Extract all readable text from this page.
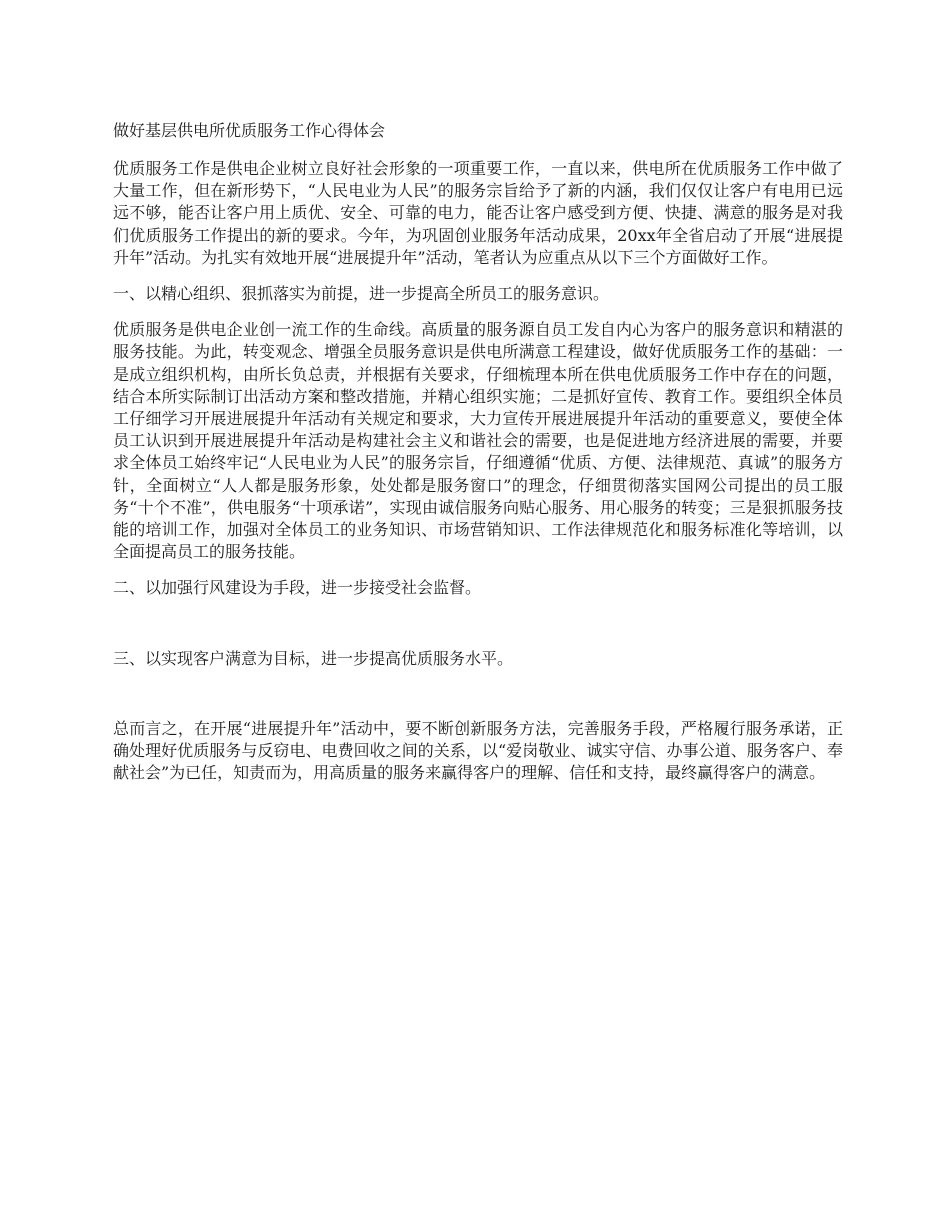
做好基层供电所优质服务工作心得体会

优质服务工作是供电企业树立良好社会形象的一项重要工作，一直以来，供电所在优质服务工作中做了大量工作，但在新形势下，“人民电业为人民”的服务宗旨给予了新的内涵，我们仅仅让客户有电用已远远不够，能否让客户用上质优、安全、可靠的电力，能否让客户感受到方便、快捷、满意的服务是对我们优质服务工作提出的新的要求。今年，为巩固创业服务年活动成果，20xx年全省启动了开展“进展提升年”活动。为扎实有效地开展“进展提升年”活动，笔者认为应重点从以下三个方面做好工作。

一、以精心组织、狠抓落实为前提，进一步提高全所员工的服务意识。

优质服务是供电企业创一流工作的生命线。高质量的服务源自员工发自内心为客户的服务意识和精湛的服务技能。为此，转变观念、增强全员服务意识是供电所满意工程建设，做好优质服务工作的基础：一是成立组织机构，由所长负总责，并根据有关要求，仔细梳理本所在供电优质服务工作中存在的问题，结合本所实际制订出活动方案和整改措施，并精心组织实施；二是抓好宣传、教育工作。要组织全体员工仔细学习开展进展提升年活动有关规定和要求，大力宣传开展进展提升年活动的重要意义，要使全体员工认识到开展进展提升年活动是构建社会主义和谐社会的需要，也是促进地方经济进展的需要，并要求全体员工始终牢记“人民电业为人民”的服务宗旨，仔细遵循“优质、方便、法律规范、真诚”的服务方针，全面树立“人人都是服务形象，处处都是服务窗口”的理念，仔细贯彻落实国网公司提出的员工服务“十个不准”，供电服务“十项承诺”，实现由诚信服务向贴心服务、用心服务的转变；三是狠抓服务技能的培训工作，加强对全体员工的业务知识、市场营销知识、工作法律规范化和服务标准化等培训，以全面提高员工的服务技能。

二、以加强行风建设为手段，进一步接受社会监督。

三、以实现客户满意为目标，进一步提高优质服务水平。

总而言之，在开展“进展提升年”活动中，要不断创新服务方法，完善服务手段，严格履行服务承诺，正确处理好优质服务与反窃电、电费回收之间的关系，以“爱岗敬业、诚实守信、办事公道、服务客户、奉献社会”为已任，知责而为，用高质量的服务来赢得客户的理解、信任和支持，最终赢得客户的满意。
